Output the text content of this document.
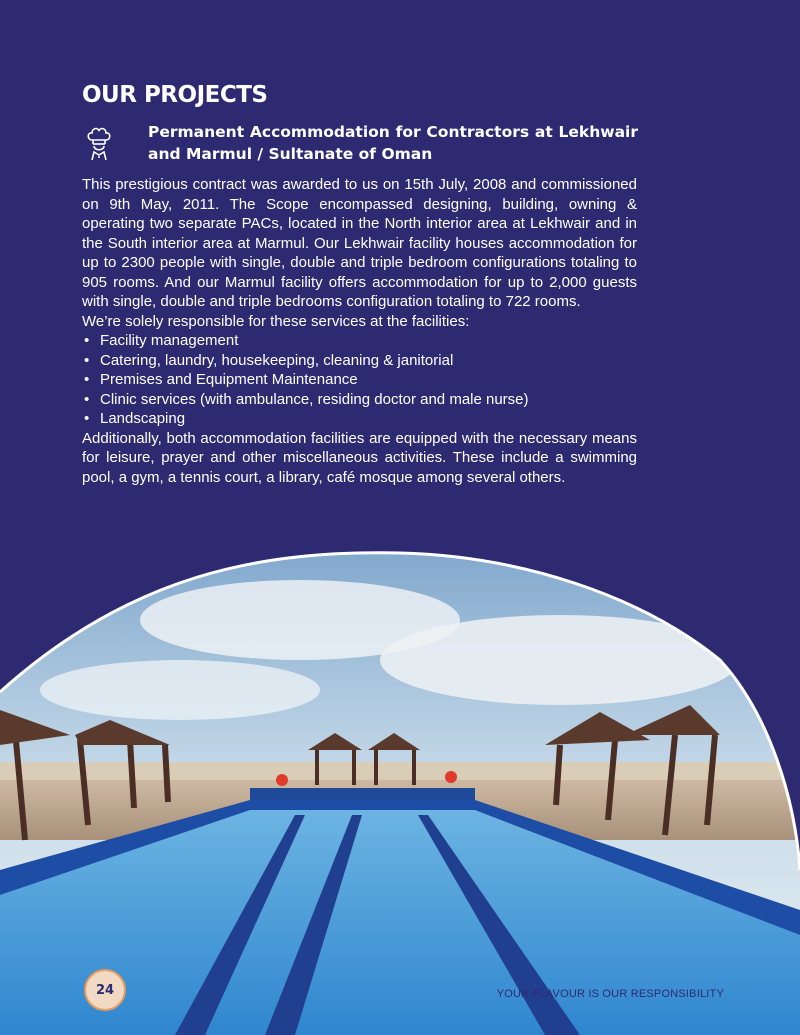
OUR PROJECTS
Permanent Accommodation for Contractors at Lekhwair
and Marmul / Sultanate of Oman

This prestigious contract was awarded to us on 15th July, 2008 and commissioned on 9th May, 2011. The Scope encompassed designing, building, owning & operating two separate PACs, located in the North interior area at Lekhwair and in the South interior area at Marmul. Our Lekhwair facility houses accommodation for up to 2300 people with single, double and triple bedroom configurations totaling to 905 rooms. And our Marmul facility offers accommodation for up to 2,000 guests with single, double and triple bedrooms configuration totaling to 722 rooms.

We’re solely responsible for these services at the facilities:

• Facility management
• Catering, laundry, housekeeping, cleaning & janitorial
• Premises and Equipment Maintenance
• Clinic services (with ambulance, residing doctor and male nurse)
• Landscaping

Additionally, both accommodation facilities are equipped with the necessary means for leisure, prayer and other miscellaneous activities. These include a swimming pool, a gym, a tennis court, a library, café mosque among several others.

24	YOUR FLAVOUR IS OUR RESPONSIBILITY
